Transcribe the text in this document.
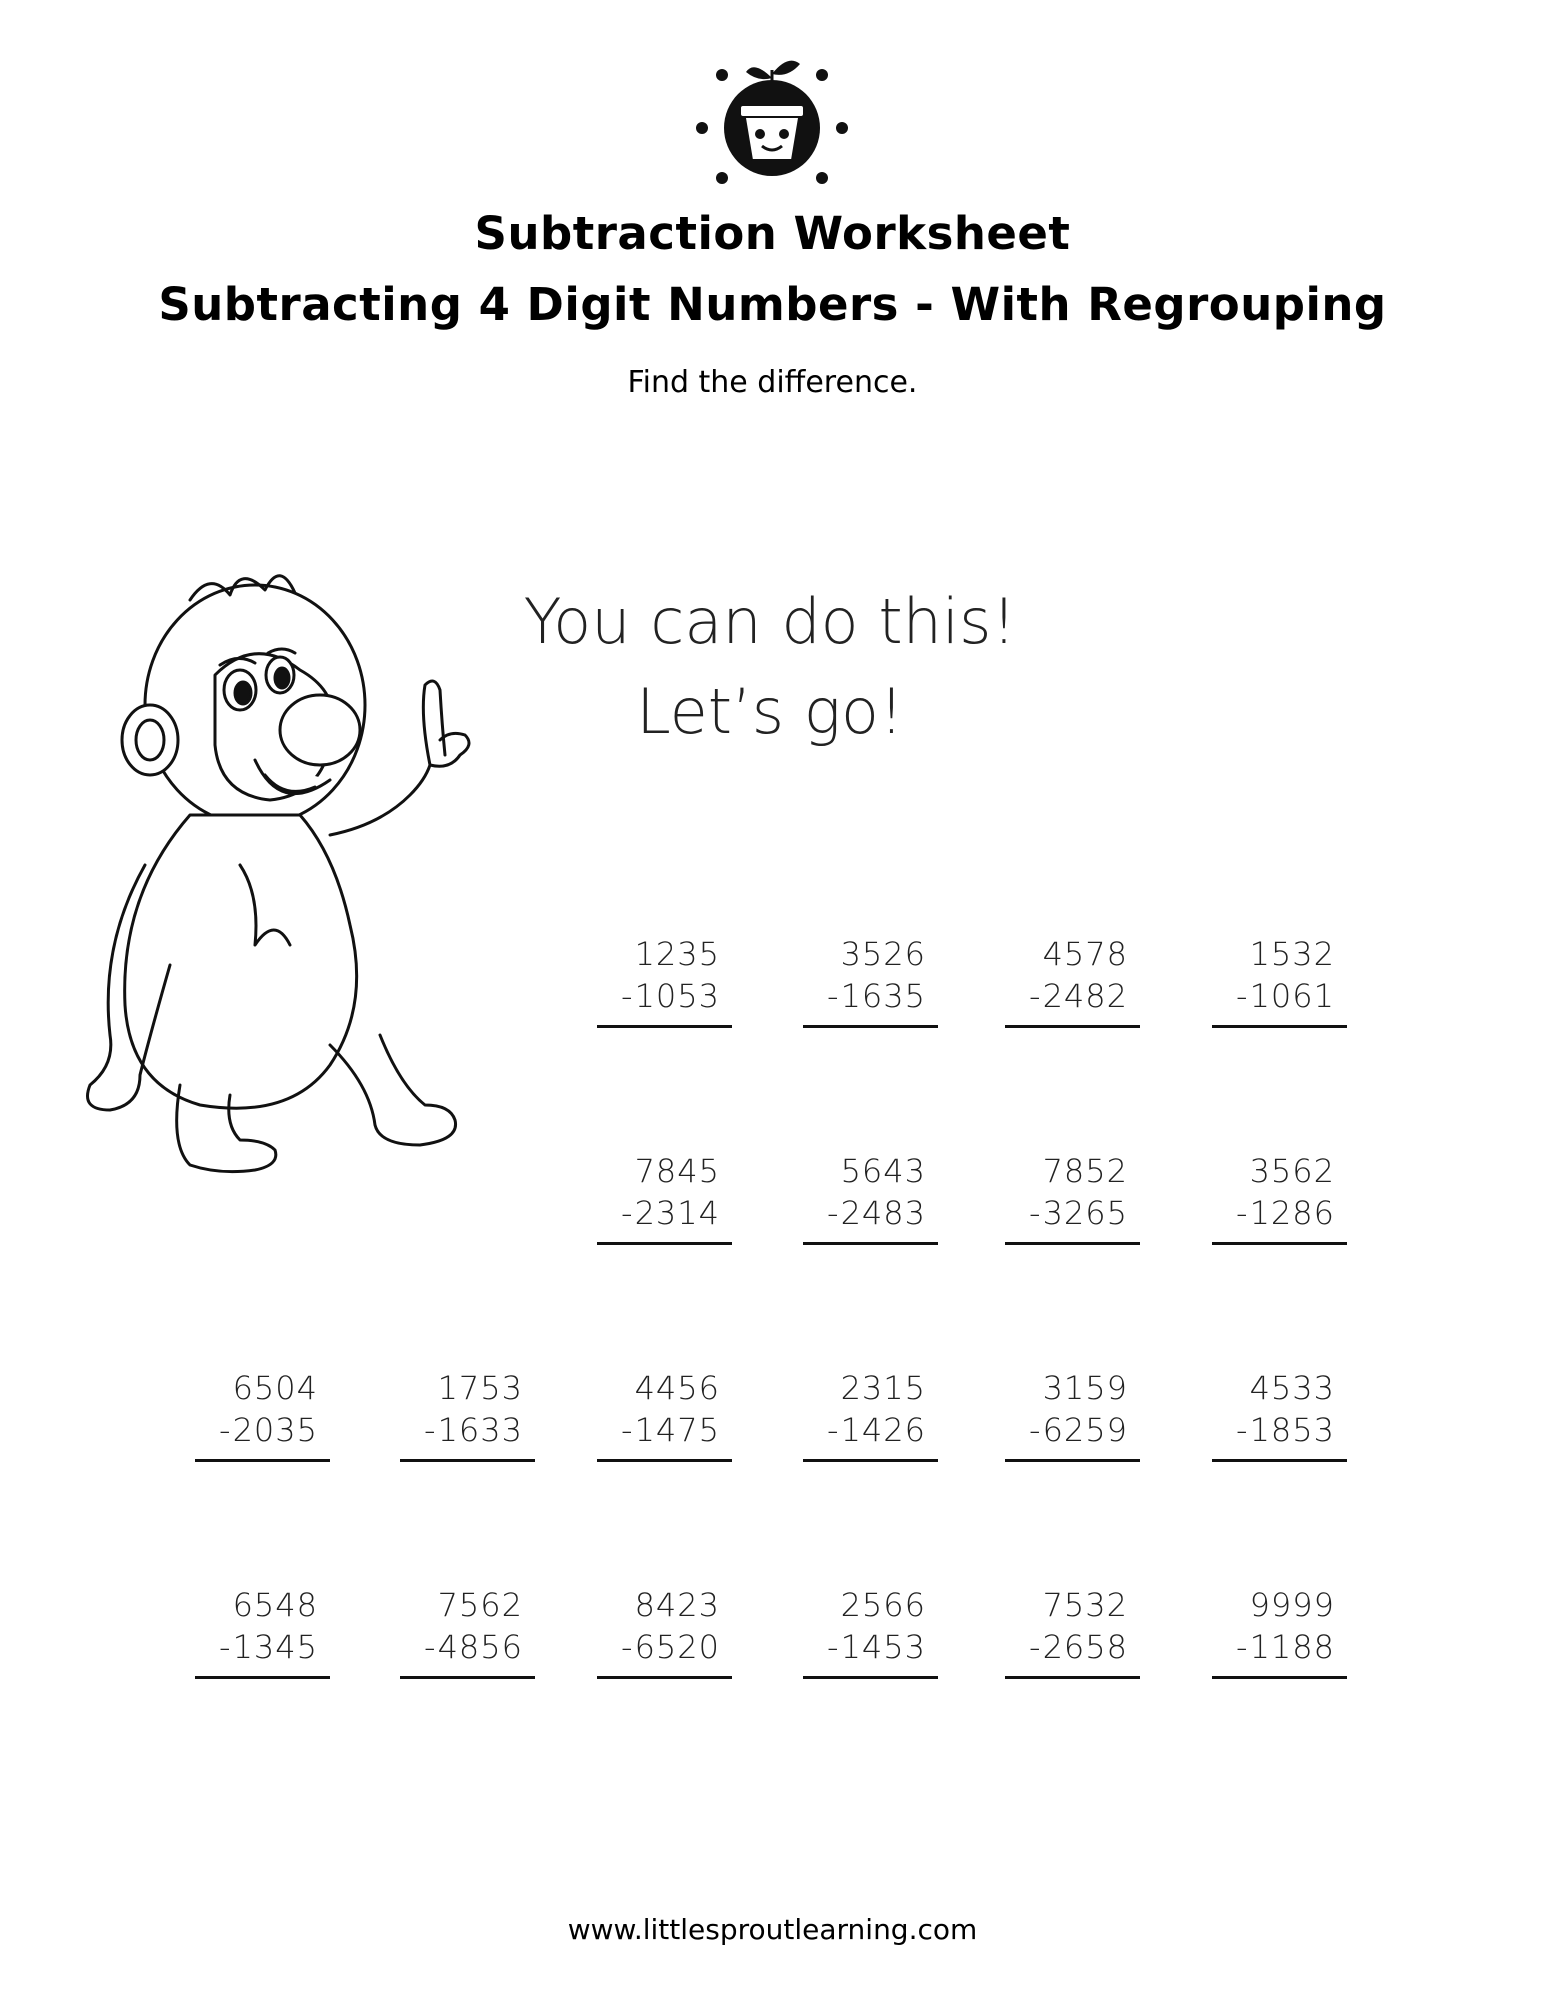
Subtraction Worksheet
Subtracting 4 Digit Numbers - With Regrouping
Find the difference.
You can do this!
Let’s go!
1235
- 1053
3526
- 1635
4578
- 2482
1532
- 1061
7845
- 2314
5643
- 2483
7852
- 3265
3562
- 1286
6504
- 2035
1753
- 1633
4456
- 1475
2315
- 1426
3159
- 6259
4533
- 1853
6548
- 1345
7562
- 4856
8423
- 6520
2566
- 1453
7532
- 2658
9999
- 1188
www.littlesproutlearning.com
